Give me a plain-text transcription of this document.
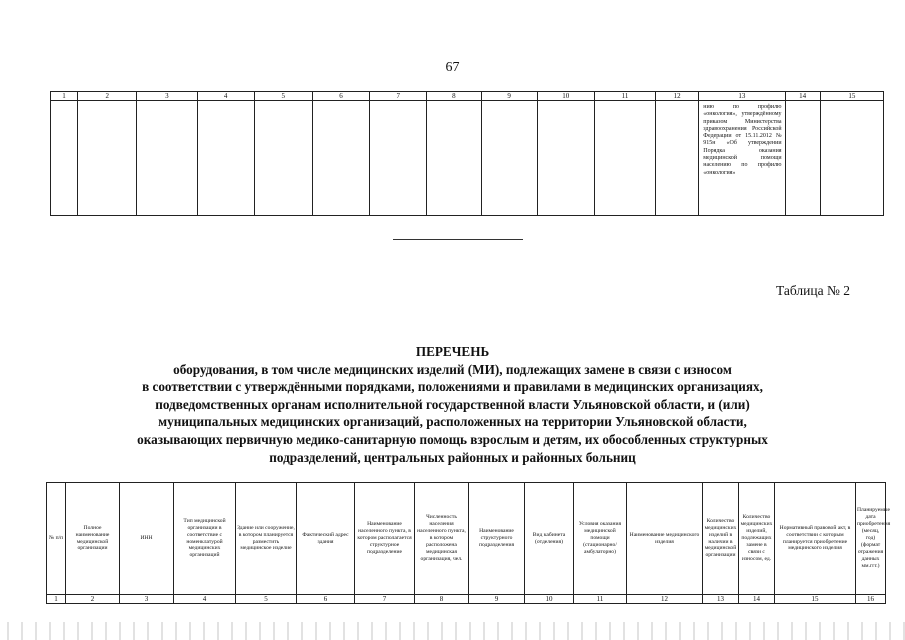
67
1	2	3	4	5	6	7	8	9	10	11	12	13	14	15

												нию по профилю «онкология», утверждённому приказом Министерства здравоохранения Российской Федерации от 15.11.2012 № 915н «Об утверждении Порядка оказания медицинской помощи населению по профилю «онкология»		

Таблица № 2
ПЕРЕЧЕНЬ
оборудования, в том числе медицинских изделий (МИ), подлежащих замене в связи с износом
в соответствии с утверждёнными порядками, положениями и правилами в медицинских организациях,
подведомственных органам исполнительной государственной власти Ульяновской области, и (или)
муниципальных медицинских организаций, расположенных на территории Ульяновской области,
оказывающих первичную медико-санитарную помощь взрослым и детям, их обособленных структурных
подразделений, центральных районных и районных больниц
№ п/п	Полное наименование медицинской организации	ИНН	Тип медицинской организации в соответствие с номенклатурой медицинских организаций	Здание или сооружение, в котором планируется разместить медицинское изделие	Фактический адрес здания	Наименование населенного пункта, в котором располагается структурное подразделение	Численность населения населенного пункта, в котором расположена медицинская организация, чел.	Наименование структурного подразделения	Вид кабинета (отделения)	Условия оказания медицинской помощи (стационарно/амбулаторно)	Наименование медицинского изделия	Количество медицинских изделий в наличии в медицинской организации	Количество медицинских изделий, подлежащих замене в связи с износом, ед.	Нормативный правовой акт, в соответствии с которым планируется приобретение медицинского изделия	Планируемые дата приобретения (месяц, год) (формат отражения данных мм.ггг.)
1	2	3	4	5	6	7	8	9	10	11	12	13	14	15	16
